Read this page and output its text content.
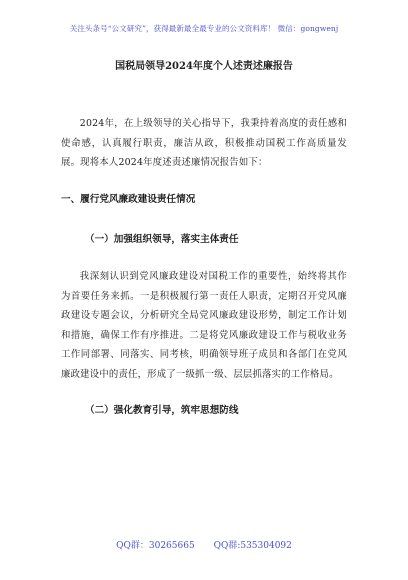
关注头条号“公文研究”，获得最新最全最专业的公文资料库！ 微信：gongwenj
国税局领导2024年度个人述责述廉报告

2024年，在上级领导的关心指导下，我秉持着高度的责任感和使命感，认真履行职责，廉洁从政，积极推动国税工作高质量发展。现将本人2024年度述责述廉情况报告如下：

一、履行党风廉政建设责任情况
（一）加强组织领导，落实主体责任

我深刻认识到党风廉政建设对国税工作的重要性，始终将其作为首要任务来抓。一是积极履行第一责任人职责，定期召开党风廉政建设专题会议，分析研究全局党风廉政建设形势，制定工作计划和措施，确保工作有序推进。二是将党风廉政建设工作与税收业务工作同部署、同落实、同考核，明确领导班子成员和各部门在党风廉政建设中的责任，形成了一级抓一级、层层抓落实的工作格局。

（二）强化教育引导，筑牢思想防线
QQ群：30265665 QQ群:535304092
